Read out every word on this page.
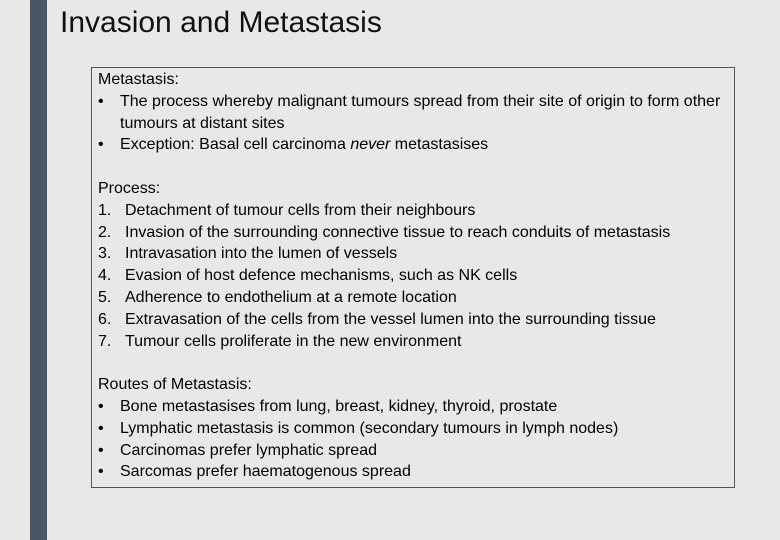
Invasion and Metastasis
Metastasis:
•	The process whereby malignant tumours spread from their site of origin to form other tumours at distant sites
•	Exception: Basal cell carcinoma never metastasises
Process:
1. Detachment of tumour cells from their neighbours
2. Invasion of the surrounding connective tissue to reach conduits of metastasis
3. Intravasation into the lumen of vessels
4. Evasion of host defence mechanisms, such as NK cells
5. Adherence to endothelium at a remote location
6. Extravasation of the cells from the vessel lumen into the surrounding tissue
7. Tumour cells proliferate in the new environment
Routes of Metastasis:
•	Bone metastasises from lung, breast, kidney, thyroid, prostate
•	Lymphatic metastasis is common (secondary tumours in lymph nodes)
•	Carcinomas prefer lymphatic spread
•	Sarcomas prefer haematogenous spread
